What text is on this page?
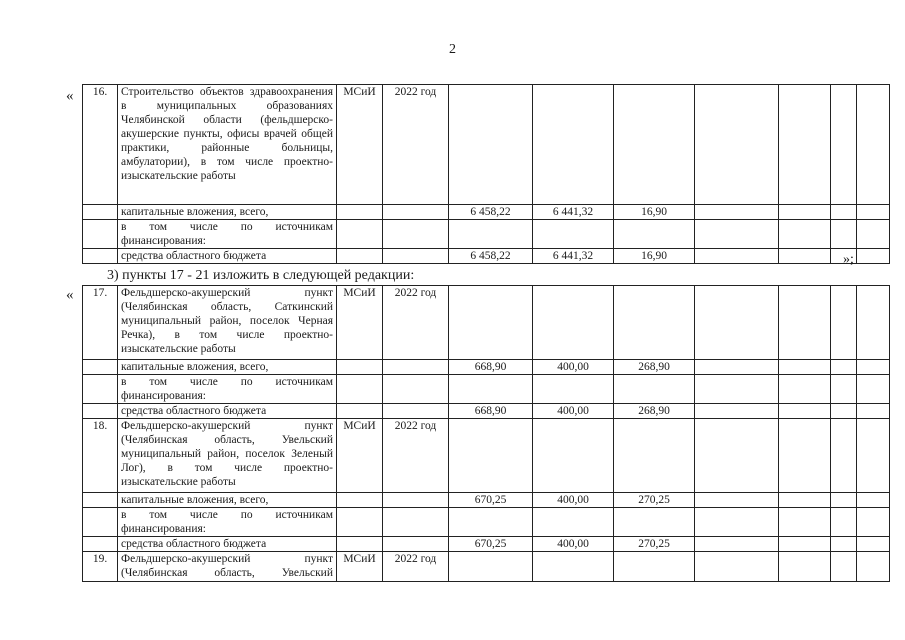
2
« 16.	Строительство объектов здравоохранения в муниципальных образованиях Челябинской области (фельдшерско-акушерские пункты, офисы врачей общей практики, районные больницы, амбулатории), в том числе проектно-изыскательские работы	МСиИ	2022 год							
	капитальные вложения, всего,			6 458,22	6 441,32	16,90				
	в том числе по источникам финансирования:									
	средства областного бюджета			6 458,22	6 441,32	16,90					»;
3) пункты 17 - 21 изложить в следующей редакции:
« 17.	Фельдшерско-акушерский пункт (Челябинская область, Саткинский муниципальный район, поселок Черная Речка), в том числе проектно-изыскательские работы	МСиИ	2022 год							
	капитальные вложения, всего,			668,90	400,00	268,90				
	в том числе по источникам финансирования:									
	средства областного бюджета			668,90	400,00	268,90				
18.	Фельдшерско-акушерский пункт (Челябинская область, Увельский муниципальный район, поселок Зеленый Лог), в том числе проектно-изыскательские работы	МСиИ	2022 год							
	капитальные вложения, всего,			670,25	400,00	270,25				
	в том числе по источникам финансирования:									
	средства областного бюджета			670,25	400,00	270,25				
19.	Фельдшерско-акушерский пункт (Челябинская область, Увельский	МСиИ	2022 год							
